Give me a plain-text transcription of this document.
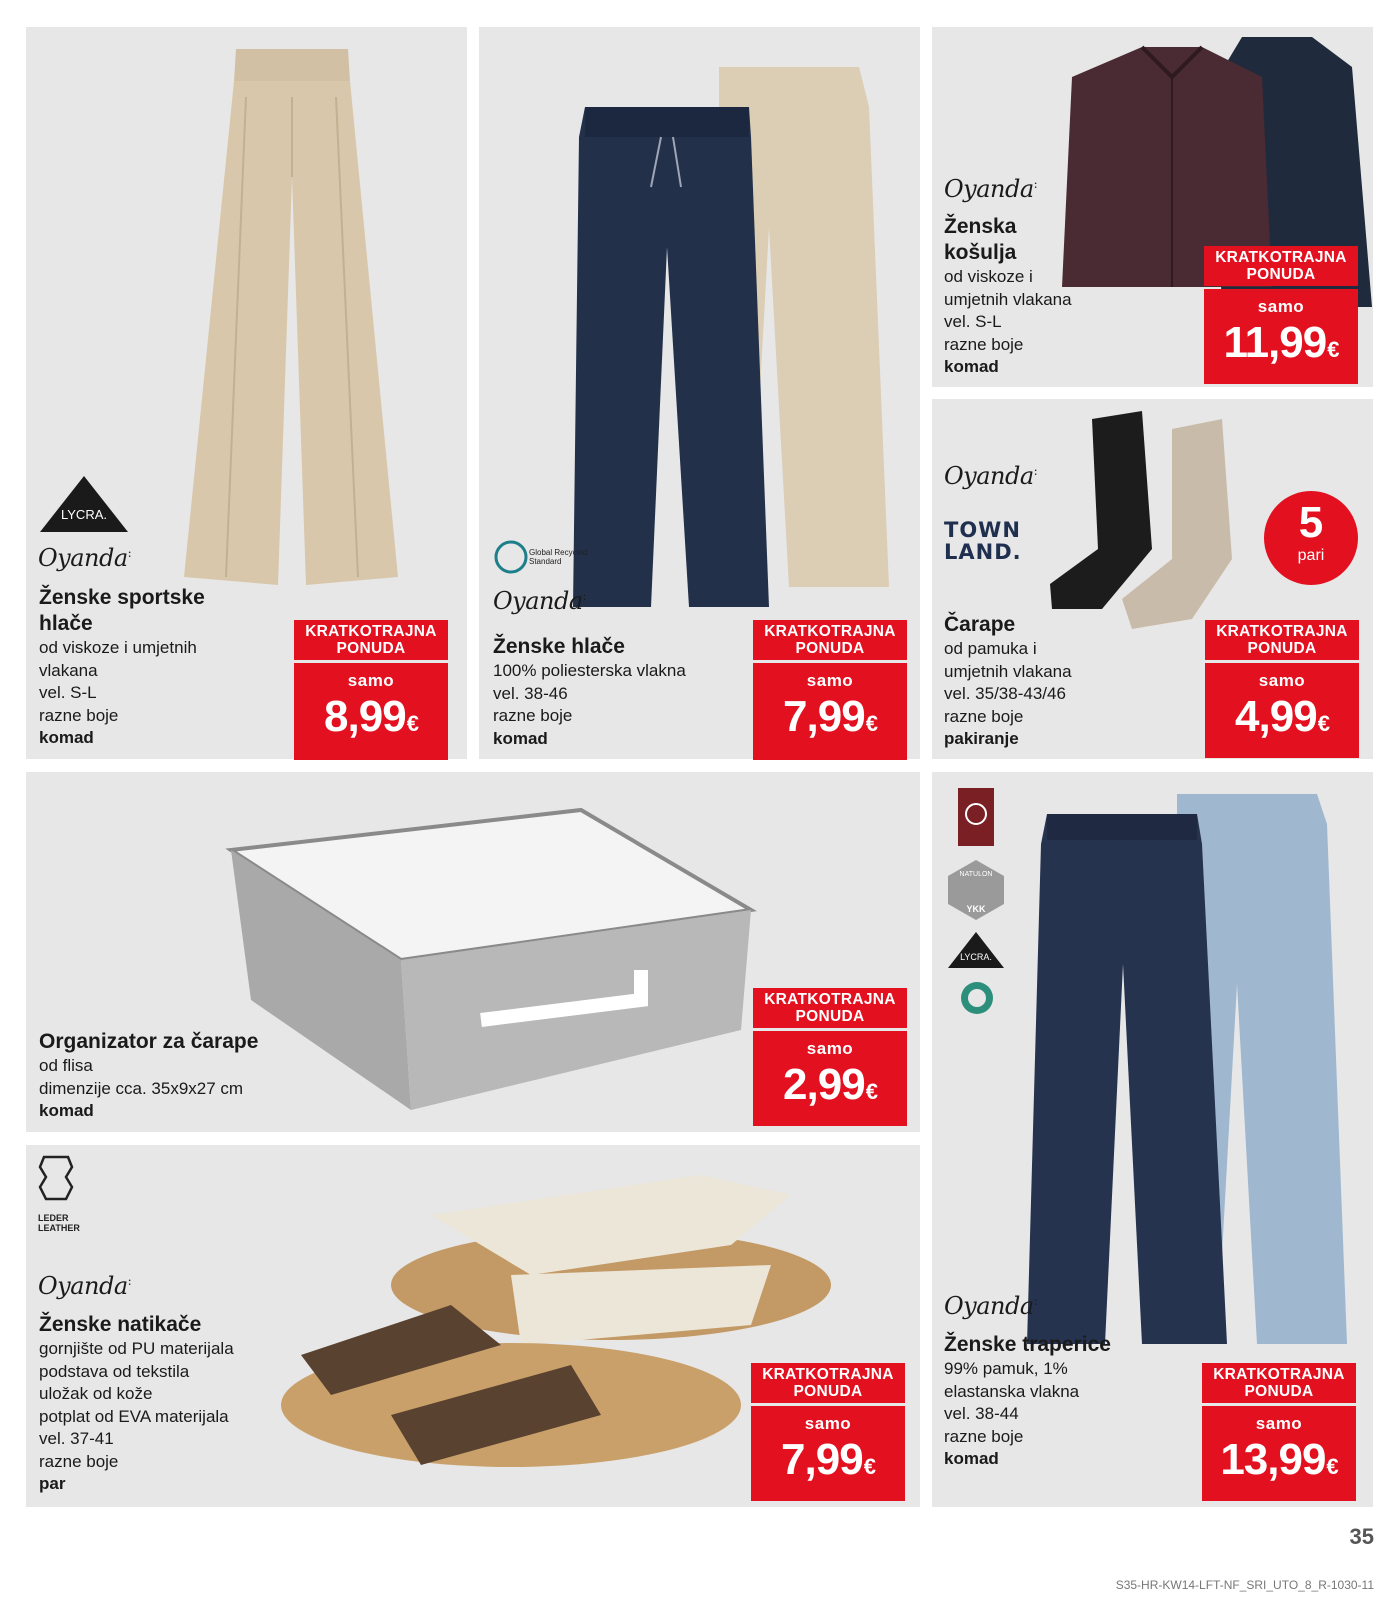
LYCRA.
Oyanda:
Ženske sportske
hlače
od viskoze i umjetnih
vlakana
vel. S-L
razne boje
komad
KRATKOTRAJNA
PONUDA
samo
8,99€
Global Recycled
Standard
Oyanda:
Ženske hlače
100% poliesterska vlakna
vel. 38-46
razne boje
komad
KRATKOTRAJNA
PONUDA
samo
7,99€
Oyanda:
Ženska
košulja
od viskoze i
umjetnih vlakana
vel. S-L
razne boje
komad
KRATKOTRAJNA
PONUDA
samo
11,99€
Oyanda:
TOWN
LAND.
5
pari
Čarape
od pamuka i
umjetnih vlakana
vel. 35/38-43/46
razne boje
pakiranje
KRATKOTRAJNA
PONUDA
samo
4,99€
Organizator za čarape
od flisa
dimenzije cca. 35x9x27 cm
komad
KRATKOTRAJNA
PONUDA
samo
2,99€
LEDER
LEATHER
Oyanda:
Ženske natikače
gornjište od PU materijala
podstava od tekstila
uložak od kože
potplat od EVA materijala
vel. 37-41
razne boje
par
KRATKOTRAJNA
PONUDA
samo
7,99€
NATULON
YKK
LYCRA.
Oyanda:
Ženske traperice
99% pamuk, 1%
elastanska vlakna
vel. 38-44
razne boje
komad
KRATKOTRAJNA
PONUDA
samo
13,99€
35
S35-HR-KW14-LFT-NF_SRI_UTO_8_R-1030-11
